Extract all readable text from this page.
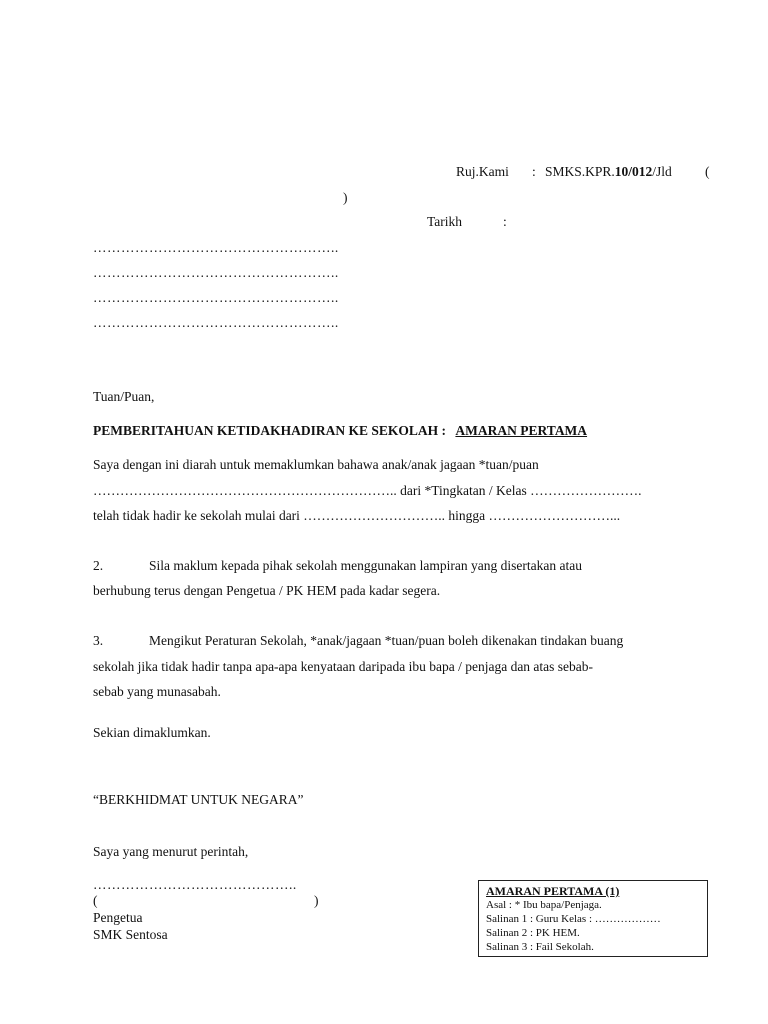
Ruj.Kami : SMKS.KPR.10/012/Jld (
)
Tarikh	:
……………………………………………..
……………………………………………..
……………………………………………..
……………………………………………..
Tuan/Puan,
PEMBERITAHUAN KETIDAKHADIRAN KE SEKOLAH : AMARAN PERTAMA
Saya dengan ini diarah untuk memaklumkan bahawa anak/anak jagaan *tuan/puan
………………………………………………………….. dari *Tingkatan / Kelas …………………….
telah tidak hadir ke sekolah mulai dari ………………………….. hingga ………………………...
2.	Sila maklum kepada pihak sekolah menggunakan lampiran yang disertakan atau
berhubung terus dengan Pengetua / PK HEM pada kadar segera.
3.	Mengikut Peraturan Sekolah, *anak/jagaan *tuan/puan boleh dikenakan tindakan buang
sekolah jika tidak hadir tanpa apa-apa kenyataan daripada ibu bapa / penjaga dan atas sebab-
sebab yang munasabah.
Sekian dimaklumkan.
“BERKHIDMAT UNTUK NEGARA”
Saya yang menurut perintah,
……………………………………..
(	)
Pengetua
SMK Sentosa
AMARAN PERTAMA (1)
Asal : * Ibu bapa/Penjaga.
Salinan 1 : Guru Kelas : ………………
Salinan 2 : PK HEM.
Salinan 3 : Fail Sekolah.
